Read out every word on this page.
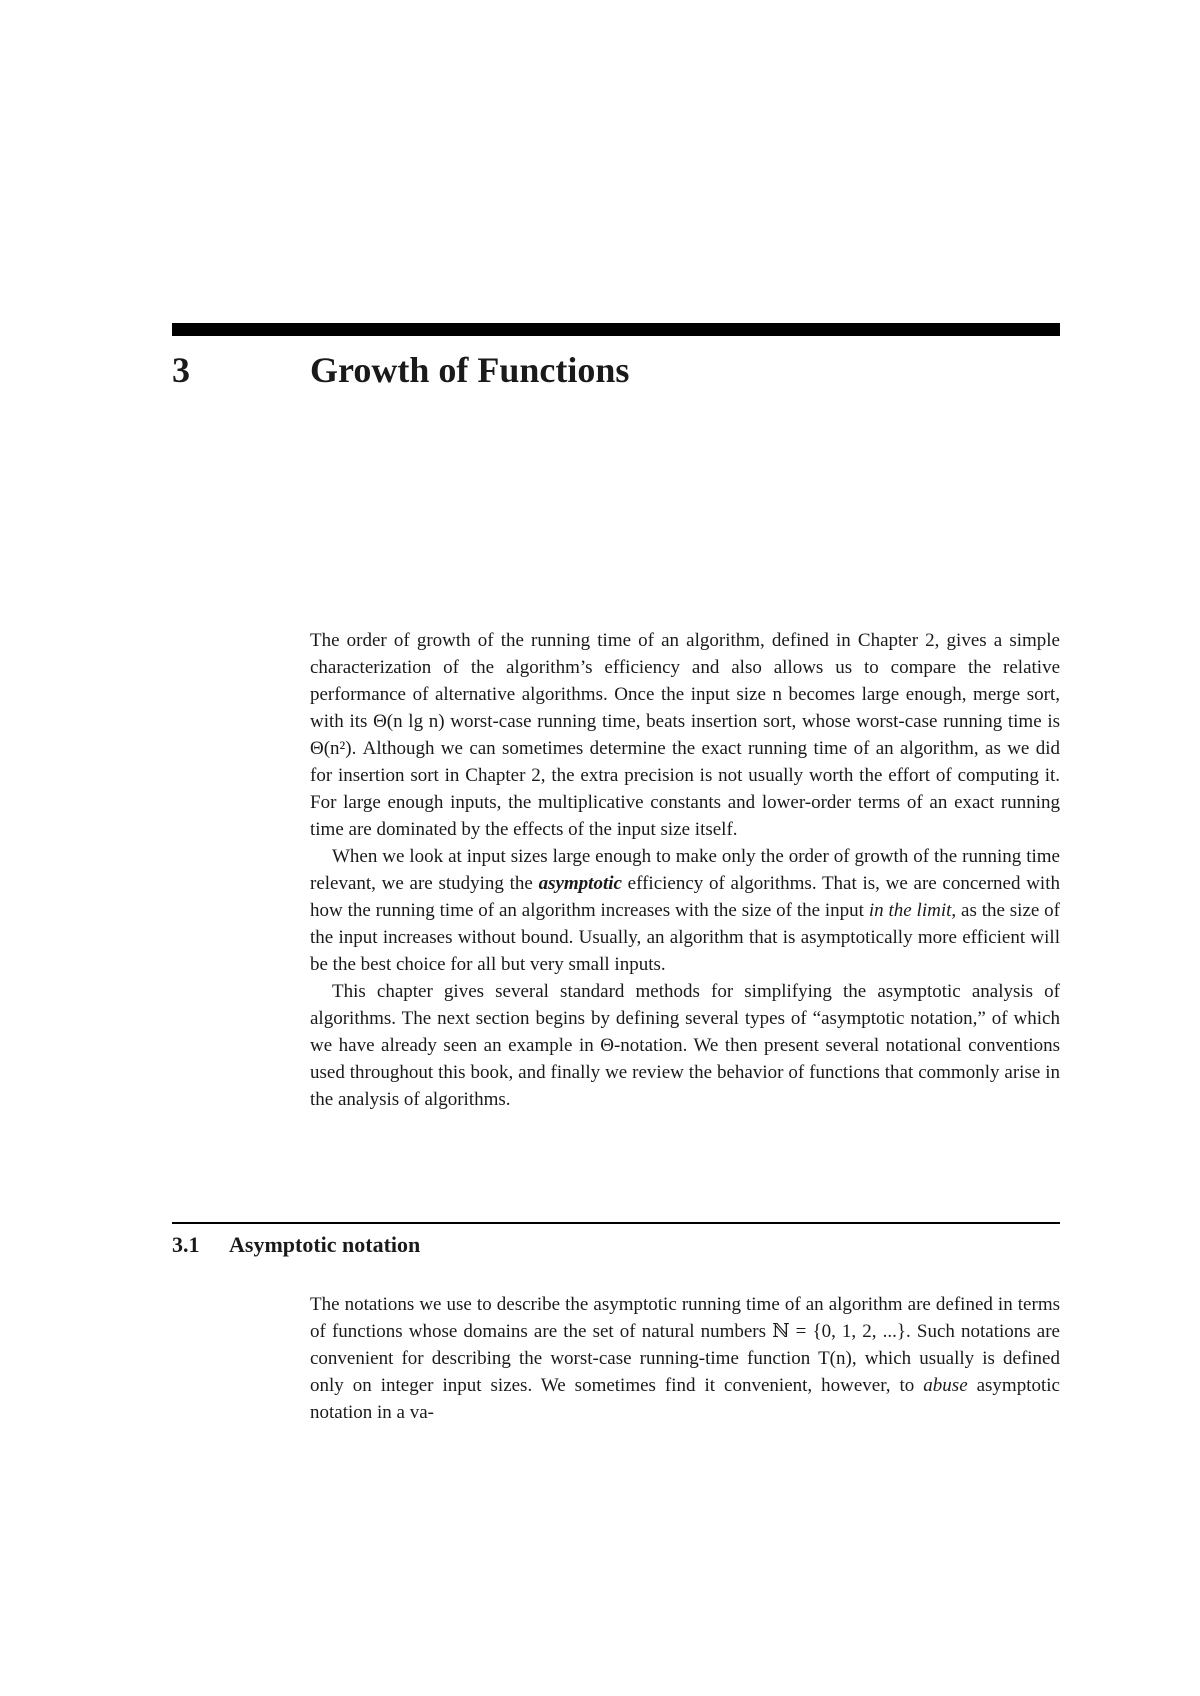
3	Growth of Functions

The order of growth of the running time of an algorithm, defined in Chapter 2, gives a simple characterization of the algorithm’s efficiency and also allows us to compare the relative performance of alternative algorithms. Once the input size n becomes large enough, merge sort, with its Θ(n lg n) worst-case running time, beats insertion sort, whose worst-case running time is Θ(n²). Although we can sometimes determine the exact running time of an algorithm, as we did for insertion sort in Chapter 2, the extra precision is not usually worth the effort of computing it. For large enough inputs, the multiplicative constants and lower-order terms of an exact running time are dominated by the effects of the input size itself.

When we look at input sizes large enough to make only the order of growth of the running time relevant, we are studying the asymptotic efficiency of algorithms. That is, we are concerned with how the running time of an algorithm increases with the size of the input in the limit, as the size of the input increases without bound. Usually, an algorithm that is asymptotically more efficient will be the best choice for all but very small inputs.

This chapter gives several standard methods for simplifying the asymptotic analysis of algorithms. The next section begins by defining several types of “asymptotic notation,” of which we have already seen an example in Θ-notation. We then present several notational conventions used throughout this book, and finally we review the behavior of functions that commonly arise in the analysis of algorithms.

3.1 Asymptotic notation

The notations we use to describe the asymptotic running time of an algorithm are defined in terms of functions whose domains are the set of natural numbers ℕ = {0, 1, 2, ...}. Such notations are convenient for describing the worst-case running-time function T(n), which usually is defined only on integer input sizes. We sometimes find it convenient, however, to abuse asymptotic notation in a va-
